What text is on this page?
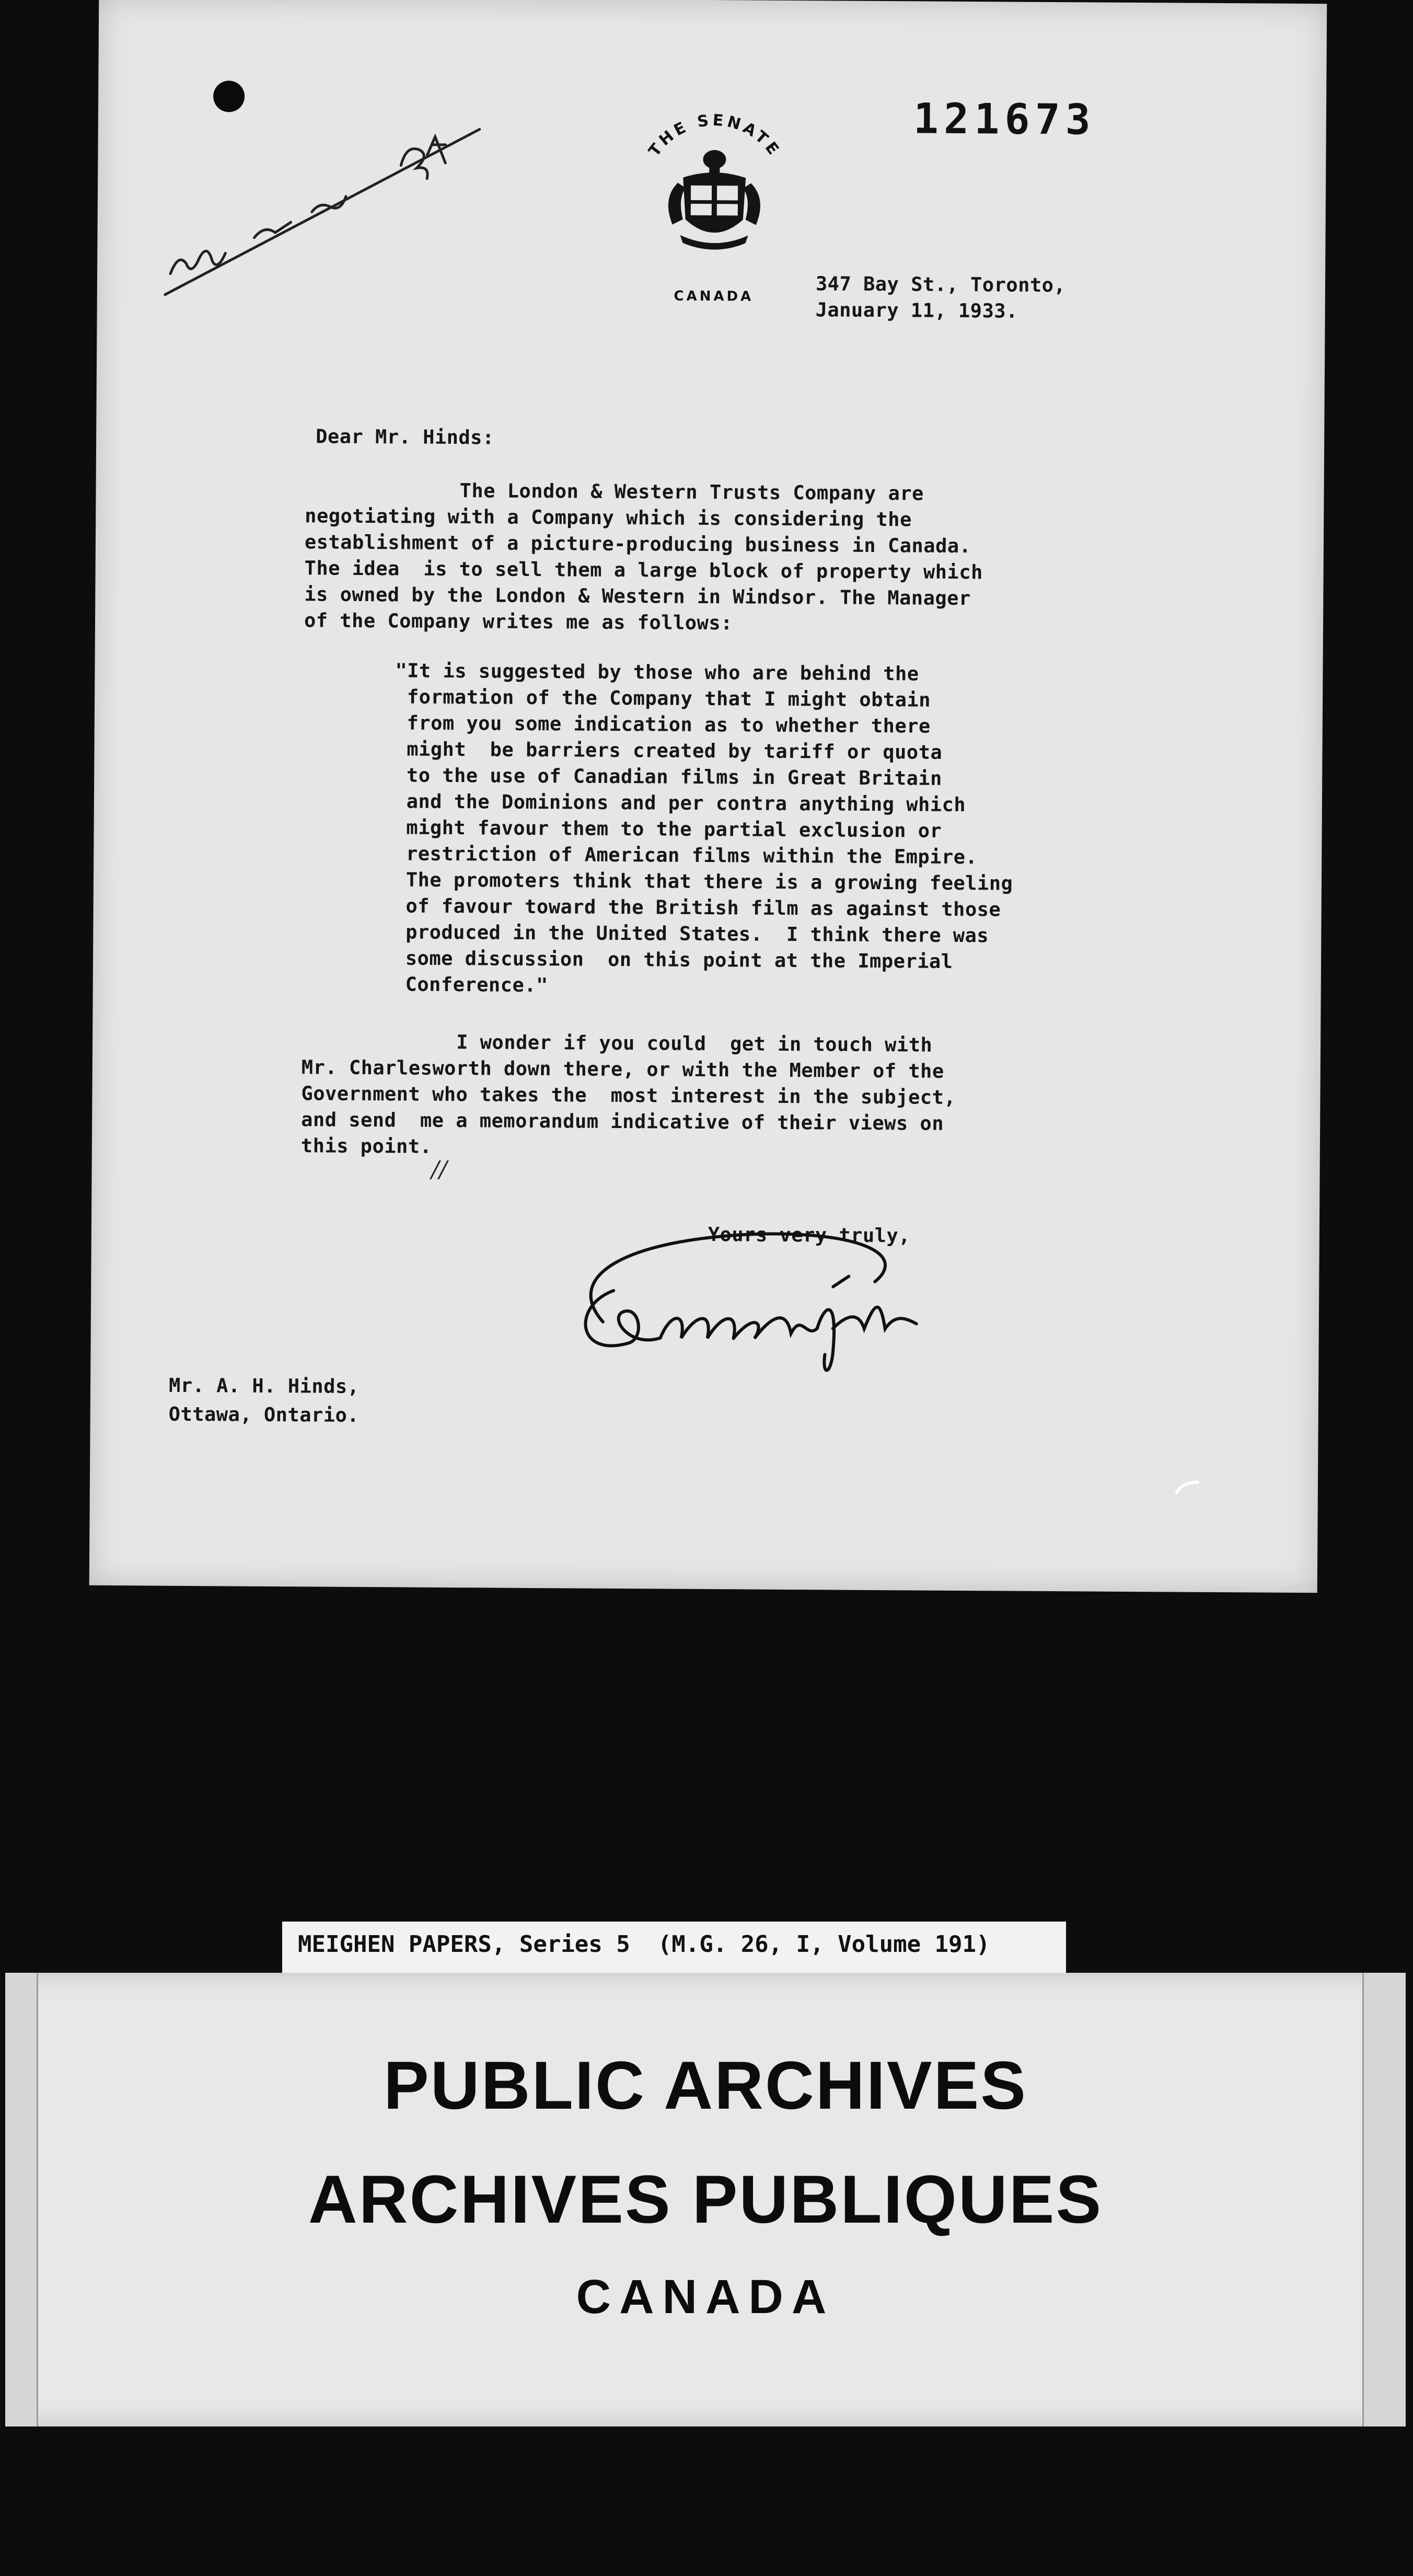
121673
THE SENATE
CANADA	347 Bay St., Toronto,
January 11, 1933.
Dear Mr. Hinds:
The London & Western Trusts Company are
negotiating with a Company which is considering the
establishment of a picture-producing business in Canada.
The idea  is to sell them a large block of property which
is owned by the London & Western in Windsor. The Manager
of the Company writes me as follows:
"It is suggested by those who are behind the
formation of the Company that I might obtain
from you some indication as to whether there
might  be barriers created by tariff or quota
to the use of Canadian films in Great Britain
and the Dominions and per contra anything which
might favour them to the partial exclusion or
restriction of American films within the Empire.
The promoters think that there is a growing feeling
of favour toward the British film as against those
produced in the United States.  I think there was
some discussion  on this point at the Imperial
Conference."
I wonder if you could  get in touch with
Mr. Charlesworth down there, or with the Member of the
Government who takes the  most interest in the subject,
and send  me a memorandum indicative of their views on
this point.
//
Yours very truly,
Mr. A. H. Hinds,
Ottawa, Ontario.
MEIGHEN PAPERS, Series 5  (M.G. 26, I, Volume 191)
PUBLIC ARCHIVES
ARCHIVES PUBLIQUES
CANADA
